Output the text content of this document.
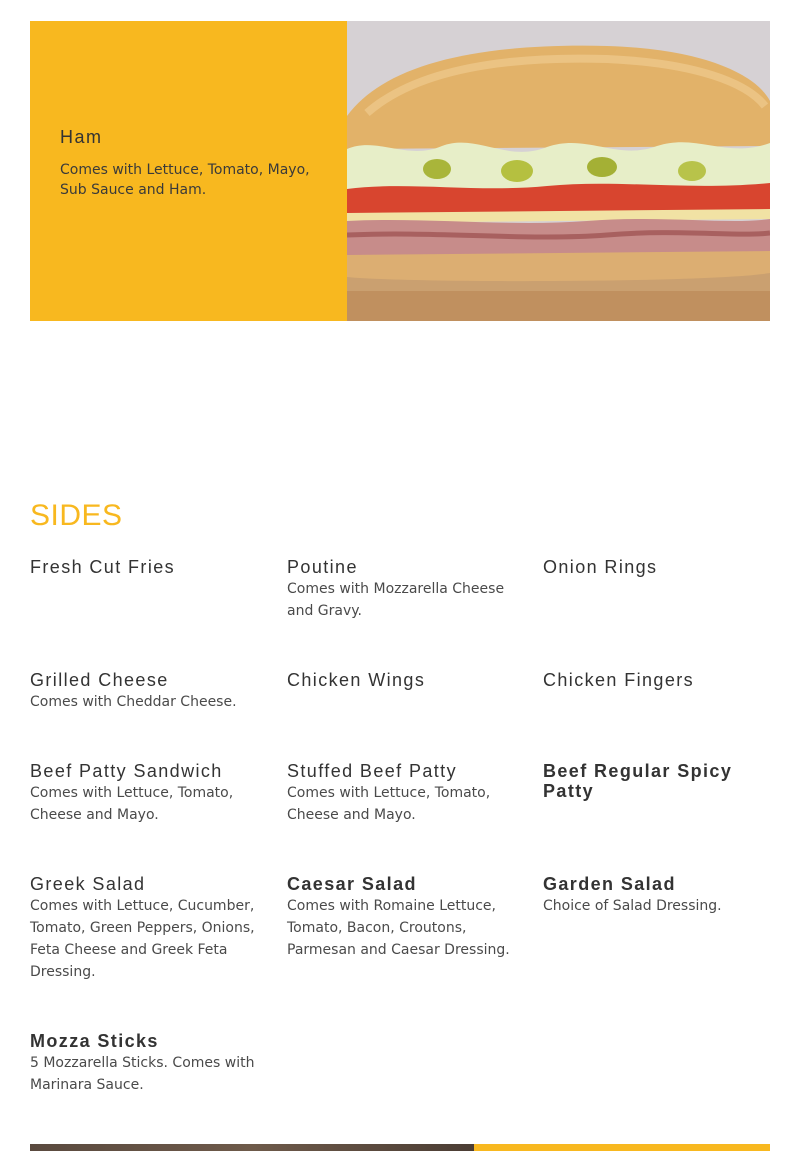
Ham
Comes with Lettuce, Tomato, Mayo, Sub Sauce and Ham.
SIDES
Fresh Cut Fries	Poutine
Comes with Mozzarella Cheese and Gravy.
Onion Rings
Grilled Cheese
Comes with Cheddar Cheese.
Chicken Wings	Chicken Fingers
Beef Patty Sandwich
Comes with Lettuce, Tomato, Cheese and Mayo.
Stuffed Beef Patty
Comes with Lettuce, Tomato, Cheese and Mayo.
Beef Regular Spicy Patty
Greek Salad
Comes with Lettuce, Cucumber, Tomato, Green Peppers, Onions, Feta Cheese and Greek Feta Dressing.
Caesar Salad
Comes with Romaine Lettuce, Tomato, Bacon, Croutons, Parmesan and Caesar Dressing.
Garden Salad
Choice of Salad Dressing.
Mozza Sticks
5 Mozzarella Sticks. Comes with Marinara Sauce.
